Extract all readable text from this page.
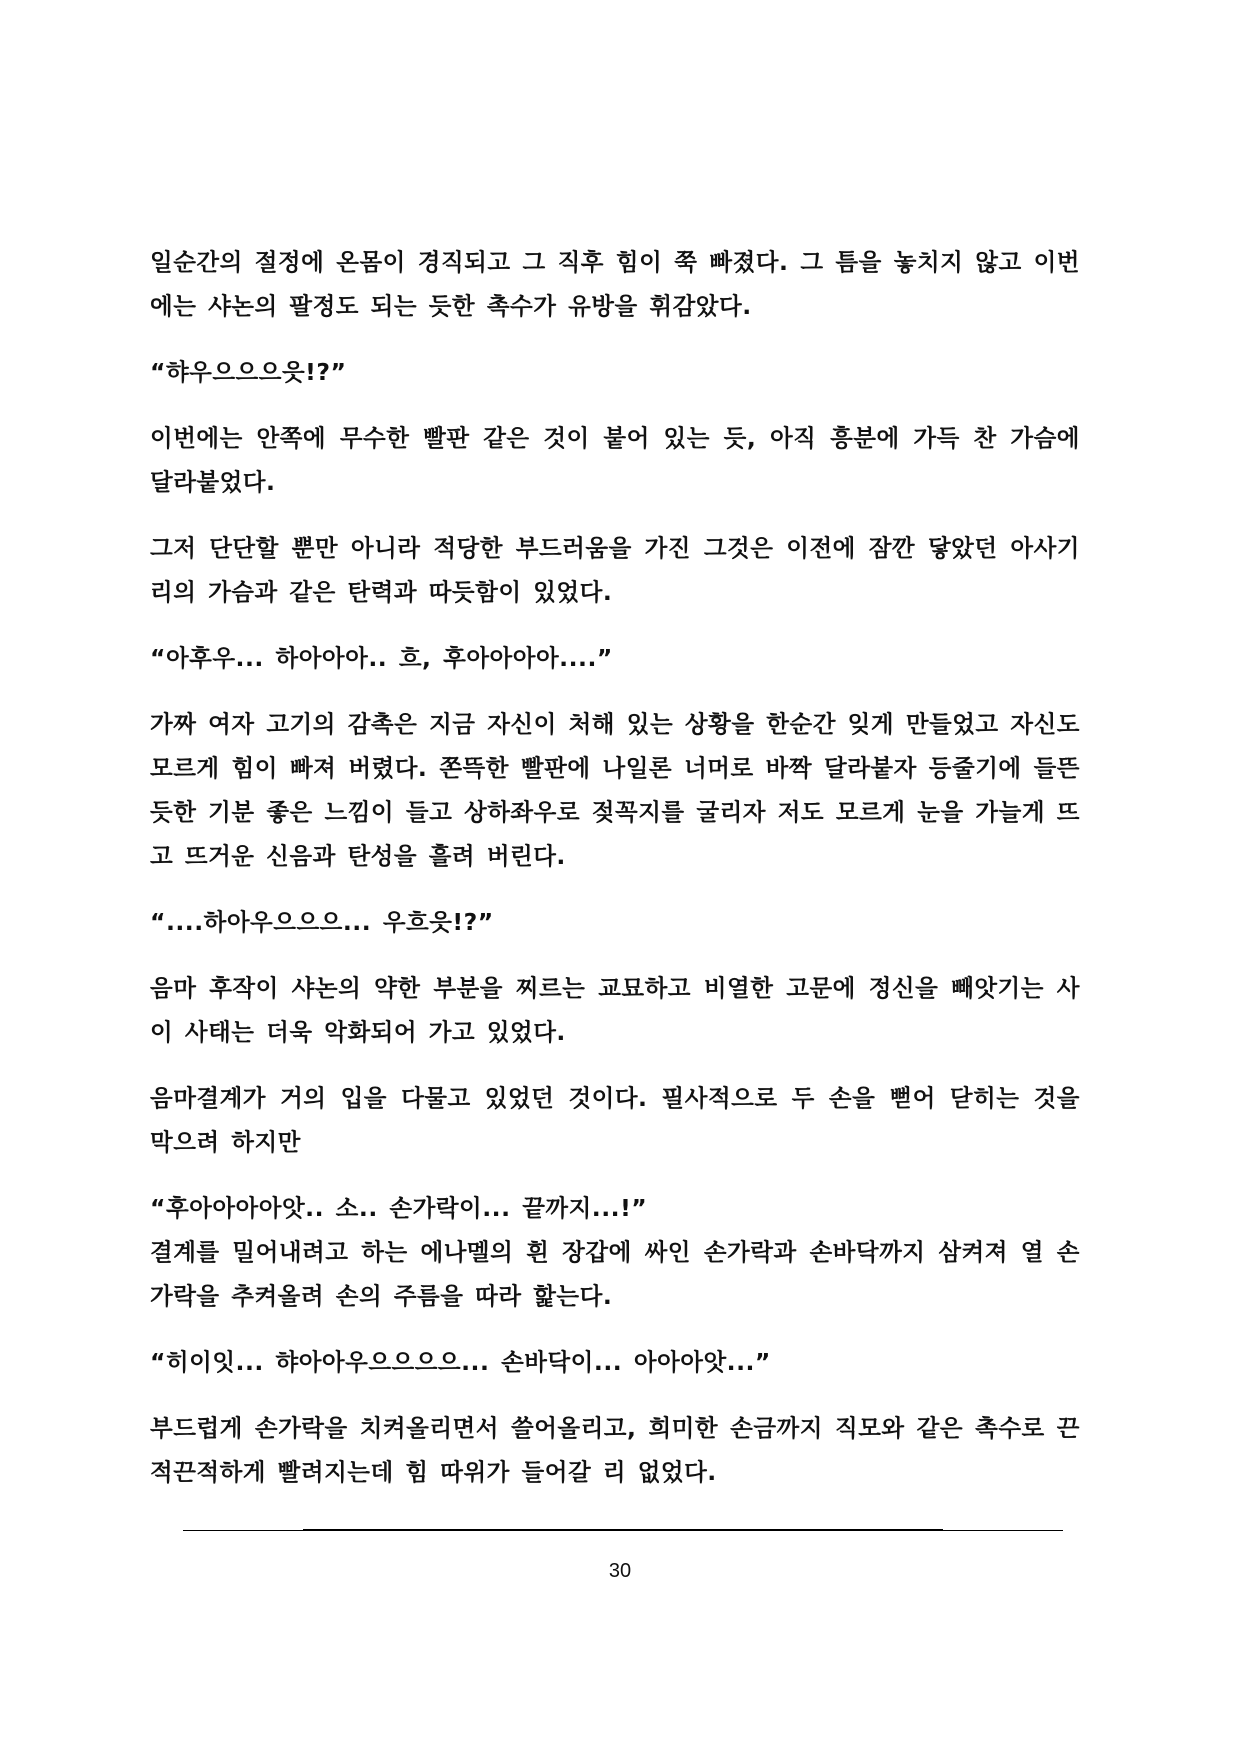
일순간의 절정에 온몸이 경직되고 그 직후 힘이 쭉 빠졌다. 그 틈을 놓치지 않고 이번에는 샤논의 팔정도 되는 듯한 촉수가 유방을 휘감았다.

“햐우으으으읏!?”

이번에는 안쪽에 무수한 빨판 같은 것이 붙어 있는 듯, 아직 흥분에 가득 찬 가슴에 달라붙었다.

그저 단단할 뿐만 아니라 적당한 부드러움을 가진 그것은 이전에 잠깐 닿았던 아사기리의 가슴과 같은 탄력과 따듯함이 있었다.

“아후우... 하아아아.. 흐, 후아아아아....”

가짜 여자 고기의 감촉은 지금 자신이 처해 있는 상황을 한순간 잊게 만들었고 자신도 모르게 힘이 빠져 버렸다. 쫀뜩한 빨판에 나일론 너머로 바짝 달라붙자 등줄기에 들뜬 듯한 기분 좋은 느낌이 들고 상하좌우로 젖꼭지를 굴리자 저도 모르게 눈을 가늘게 뜨고 뜨거운 신음과 탄성을 흘려 버린다.

“....하아우으으으... 우흐읏!?”

음마 후작이 샤논의 약한 부분을 찌르는 교묘하고 비열한 고문에 정신을 빼앗기는 사이 사태는 더욱 악화되어 가고 있었다.

음마결계가 거의 입을 다물고 있었던 것이다. 필사적으로 두 손을 뻗어 닫히는 것을 막으려 하지만

“후아아아아앗.. 소.. 손가락이... 끝까지...!”

결계를 밀어내려고 하는 에나멜의 흰 장갑에 싸인 손가락과 손바닥까지 삼켜져 열 손가락을 추켜올려 손의 주름을 따라 핥는다.

“히이잇... 햐아아우으으으으... 손바닥이... 아아아앗...”

부드럽게 손가락을 치켜올리면서 쓸어올리고, 희미한 손금까지 직모와 같은 촉수로 끈적끈적하게 빨려지는데 힘 따위가 들어갈 리 없었다.

30
